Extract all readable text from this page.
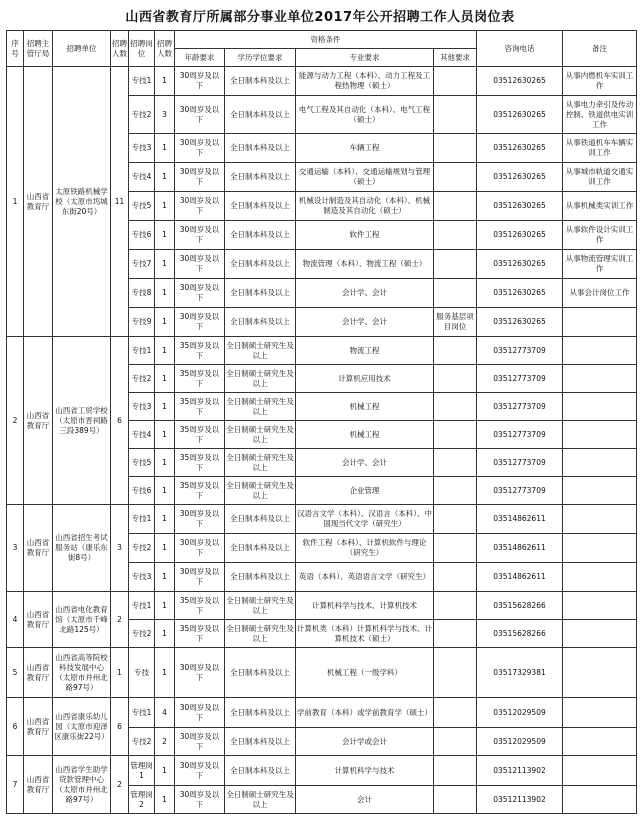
山西省教育厅所属部分事业单位2017年公开招聘工作人员岗位表
序号	招聘主管厅局	招聘单位	招聘人数	招聘岗位	招聘人数	资格条件				咨询电话	备注
						年龄要求	学历学位要求	专业要求	其他要求		
1	山西省教育厅	太原铁路机械学校（太原市坞城东街20号）	11	专技1	1	30周岁及以下	全日制本科及以上	能源与动力工程（本科）、动力工程及工程热物理（硕士）		03512630265	从事内燃机车实训工作
				专技2	3	30周岁及以下	全日制本科及以上	电气工程及其自动化（本科）、电气工程（硕士）		03512630265	从事电力牵引及传动控制、铁道供电实训工作
				专技3	1	30周岁及以下	全日制本科及以上	车辆工程		03512630265	从事铁道机车车辆实训工作
				专技4	1	30周岁及以下	全日制本科及以上	交通运输（本科）、交通运输规划与管理（硕士）		03512630265	从事城市轨道交通实训工作
				专技5	1	30周岁及以下	全日制本科及以上	机械设计制造及其自动化（本科）、机械制造及其自动化（硕士）		03512630265	从事机械类实训工作
				专技6	1	30周岁及以下	全日制本科及以上	软件工程		03512630265	从事软件设计实训工作
				专技7	1	30周岁及以下	全日制本科及以上	物流管理（本科）、物流工程（硕士）		03512630265	从事物流管理实训工作
				专技8	1	30周岁及以下	全日制本科及以上	会计学、会计		03512630265	从事会计岗位工作
				专技9	1	30周岁及以下	全日制本科及以上	会计学、会计	服务基层项目岗位	03512630265	
2	山西省教育厅	山西省工贸学校（太原市晋祠路三段389号）	6	专技1	1	35周岁及以下	全日制硕士研究生及以上	物流工程		03512773709	
				专技2	1	35周岁及以下	全日制硕士研究生及以上	计算机应用技术		03512773709	
				专技3	1	35周岁及以下	全日制硕士研究生及以上	机械工程		03512773709	
				专技4	1	35周岁及以下	全日制硕士研究生及以上	机械工程		03512773709	
				专技5	1	35周岁及以下	全日制硕士研究生及以上	会计学、会计		03512773709	
				专技6	1	35周岁及以下	全日制硕士研究生及以上	企业管理		03512773709	
3	山西省教育厅	山西省招生考试服务站（康乐东街8号）	3	专技1	1	30周岁及以下	全日制本科及以上	汉语言文学（本科）、汉语言（本科）、中国现当代文学（研究生）		03514862611	
				专技2	1	30周岁及以下	全日制本科及以上	软件工程（本科）、计算机软件与理论（研究生）		03514862611	
				专技3	1	30周岁及以下	全日制本科及以上	英语（本科）、英语语言文学（研究生）		03514862611	
4	山西省教育厅	山西省电化教育馆（太原市千峰北路125号）	2	专技1	1	35周岁及以下	全日制硕士研究生及以上	计算机科学与技术、计算机技术		03515628266	
				专技2	1	35周岁及以下	全日制硕士研究生及以上	计算机类（本科）计算机科学与技术、计算机技术（硕士）		03515628266	
5	山西省教育厅	山西省高等院校科技发展中心（太原市并州北路97号）	1	专技	1	30周岁及以下	全日制本科及以上	机械工程（一级学科）		03517329381	
6	山西省教育厅	山西省康乐幼儿园（太原市迎泽区康乐街22号）	6	专技1	4	30周岁及以下	全日制本科及以上	学前教育（本科）或学前教育学（硕士）		03512029509	
				专技2	2	30周岁及以下	全日制本科及以上	会计学或会计		03512029509	
7	山西省教育厅	山西省学生助学贷款管理中心（太原市并州北路97号）	2	管理岗1	1	30周岁及以下	全日制本科及以上	计算机科学与技术		03512113902	
				管理岗2	1	30周岁及以下	全日制硕士研究生及以上	会计		03512113902	
